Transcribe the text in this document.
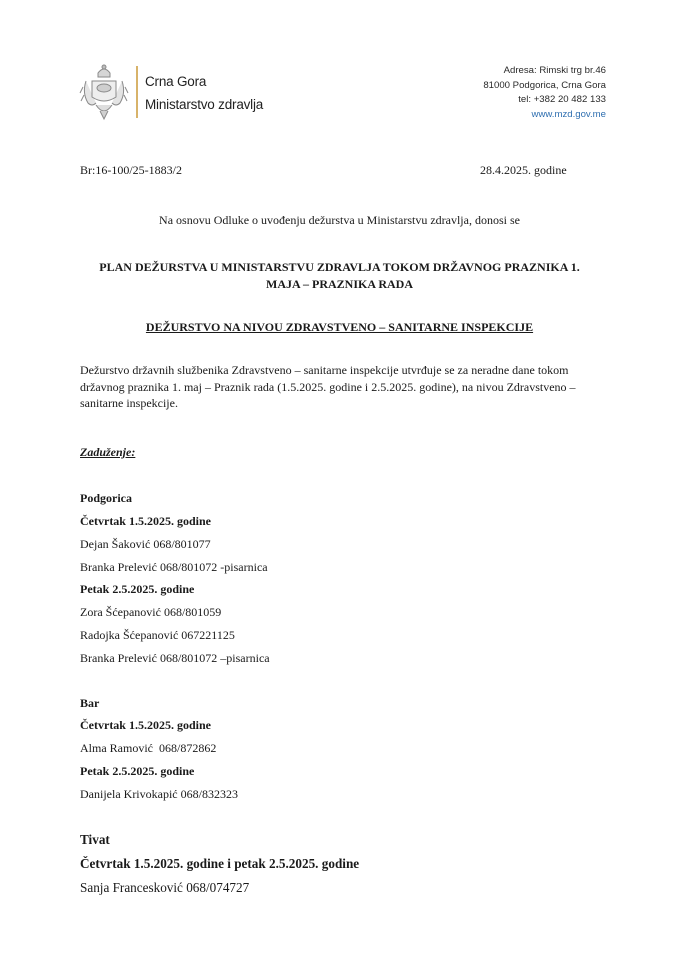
Crna Gora
Ministarstvo zdravlja
Adresa: Rimski trg br.46
81000 Podgorica, Crna Gora
tel: +382 20 482 133
www.mzd.gov.me
Br:16-100/25-1883/2	28.4.2025. godine
Na osnovu Odluke o uvođenju dežurstva u Ministarstvu zdravlja, donosi se
PLAN DEŽURSTVA U MINISTARSTVU ZDRAVLJA TOKOM DRŽAVNOG PRAZNIKA 1.
MAJA – PRAZNIKA RADA
DEŽURSTVO NA NIVOU ZDRAVSTVENO – SANITARNE INSPEKCIJE
Dežurstvo državnih službenika Zdravstveno – sanitarne inspekcije utvrđuje se za neradne dane tokom
državnog praznika 1. maj – Praznik rada (1.5.2025. godine i 2.5.2025. godine), na nivou Zdravstveno –
sanitarne inspekcije.
Zaduženje:
Podgorica
Četvrtak 1.5.2025. godine
Dejan Šaković 068/801077
Branka Prelević 068/801072 -pisarnica
Petak 2.5.2025. godine
Zora Šćepanović 068/801059
Radojka Šćepanović 067221125
Branka Prelević 068/801072 –pisarnica
Bar
Četvrtak 1.5.2025. godine
Alma Ramović  068/872862
Petak 2.5.2025. godine
Danijela Krivokapić 068/832323
Tivat
Četvrtak 1.5.2025. godine i petak 2.5.2025. godine
Sanja Franceskov​ić 068/074727
